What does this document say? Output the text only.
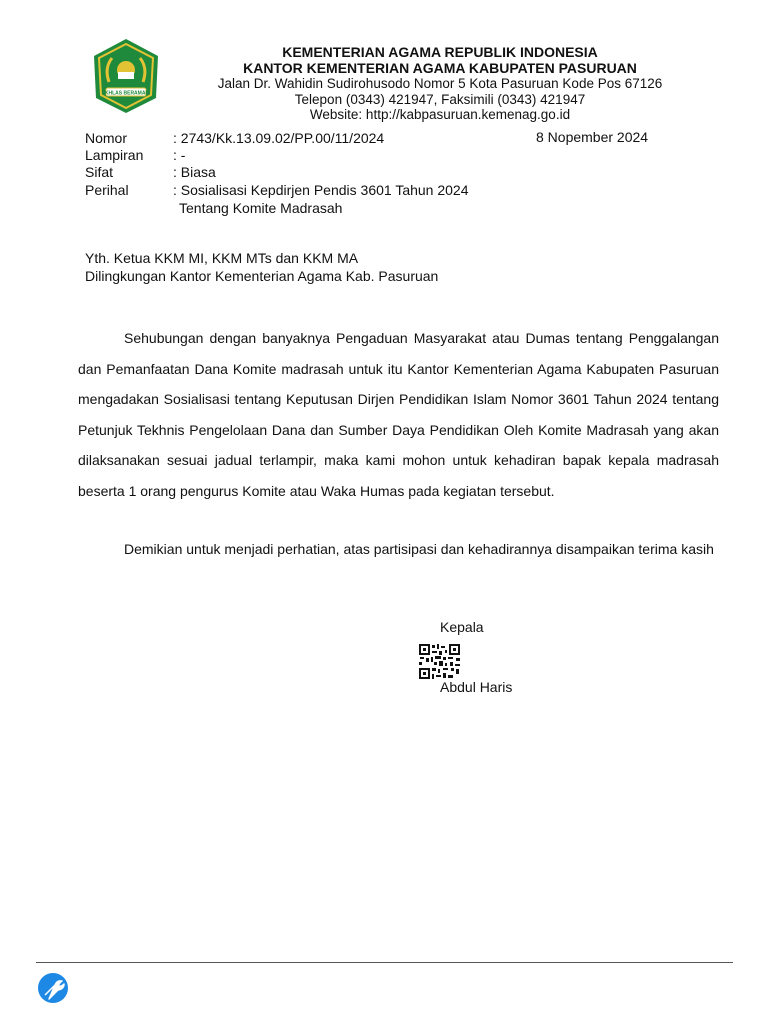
IKHLAS BERAMAL
KEMENTERIAN AGAMA REPUBLIK INDONESIA
KANTOR KEMENTERIAN AGAMA KABUPATEN PASURUAN
Jalan Dr. Wahidin Sudirohusodo Nomor 5 Kota Pasuruan Kode Pos 67126
Telepon (0343) 421947, Faksimili (0343) 421947
Website: http://kabpasuruan.kemenag.go.id
Nomor	: 2743/Kk.13.09.02/PP.00/11/2024	8 Nopember 2024
Lampiran : -
Sifat	: Biasa
Perihal	: Sosialisasi Kepdirjen Pendis 3601 Tahun 2024
Tentang Komite Madrasah
Yth. Ketua KKM MI, KKM MTs dan KKM MA
Dilingkungan Kantor Kementerian Agama Kab. Pasuruan

Sehubungan dengan banyaknya Pengaduan Masyarakat atau Dumas tentang Penggalangan dan Pemanfaatan Dana Komite madrasah untuk itu Kantor Kementerian Agama Kabupaten Pasuruan mengadakan Sosialisasi tentang Keputusan Dirjen Pendidikan Islam Nomor 3601 Tahun 2024 tentang Petunjuk Tekhnis Pengelolaan Dana dan Sumber Daya Pendidikan Oleh Komite Madrasah yang akan dilaksanakan sesuai jadual terlampir, maka kami mohon untuk kehadiran bapak kepala madrasah beserta 1 orang pengurus Komite atau Waka Humas pada kegiatan tersebut.

Demikian untuk menjadi perhatian, atas partisipasi dan kehadirannya disampaikan terima kasih

Kepala
Abdul Haris
